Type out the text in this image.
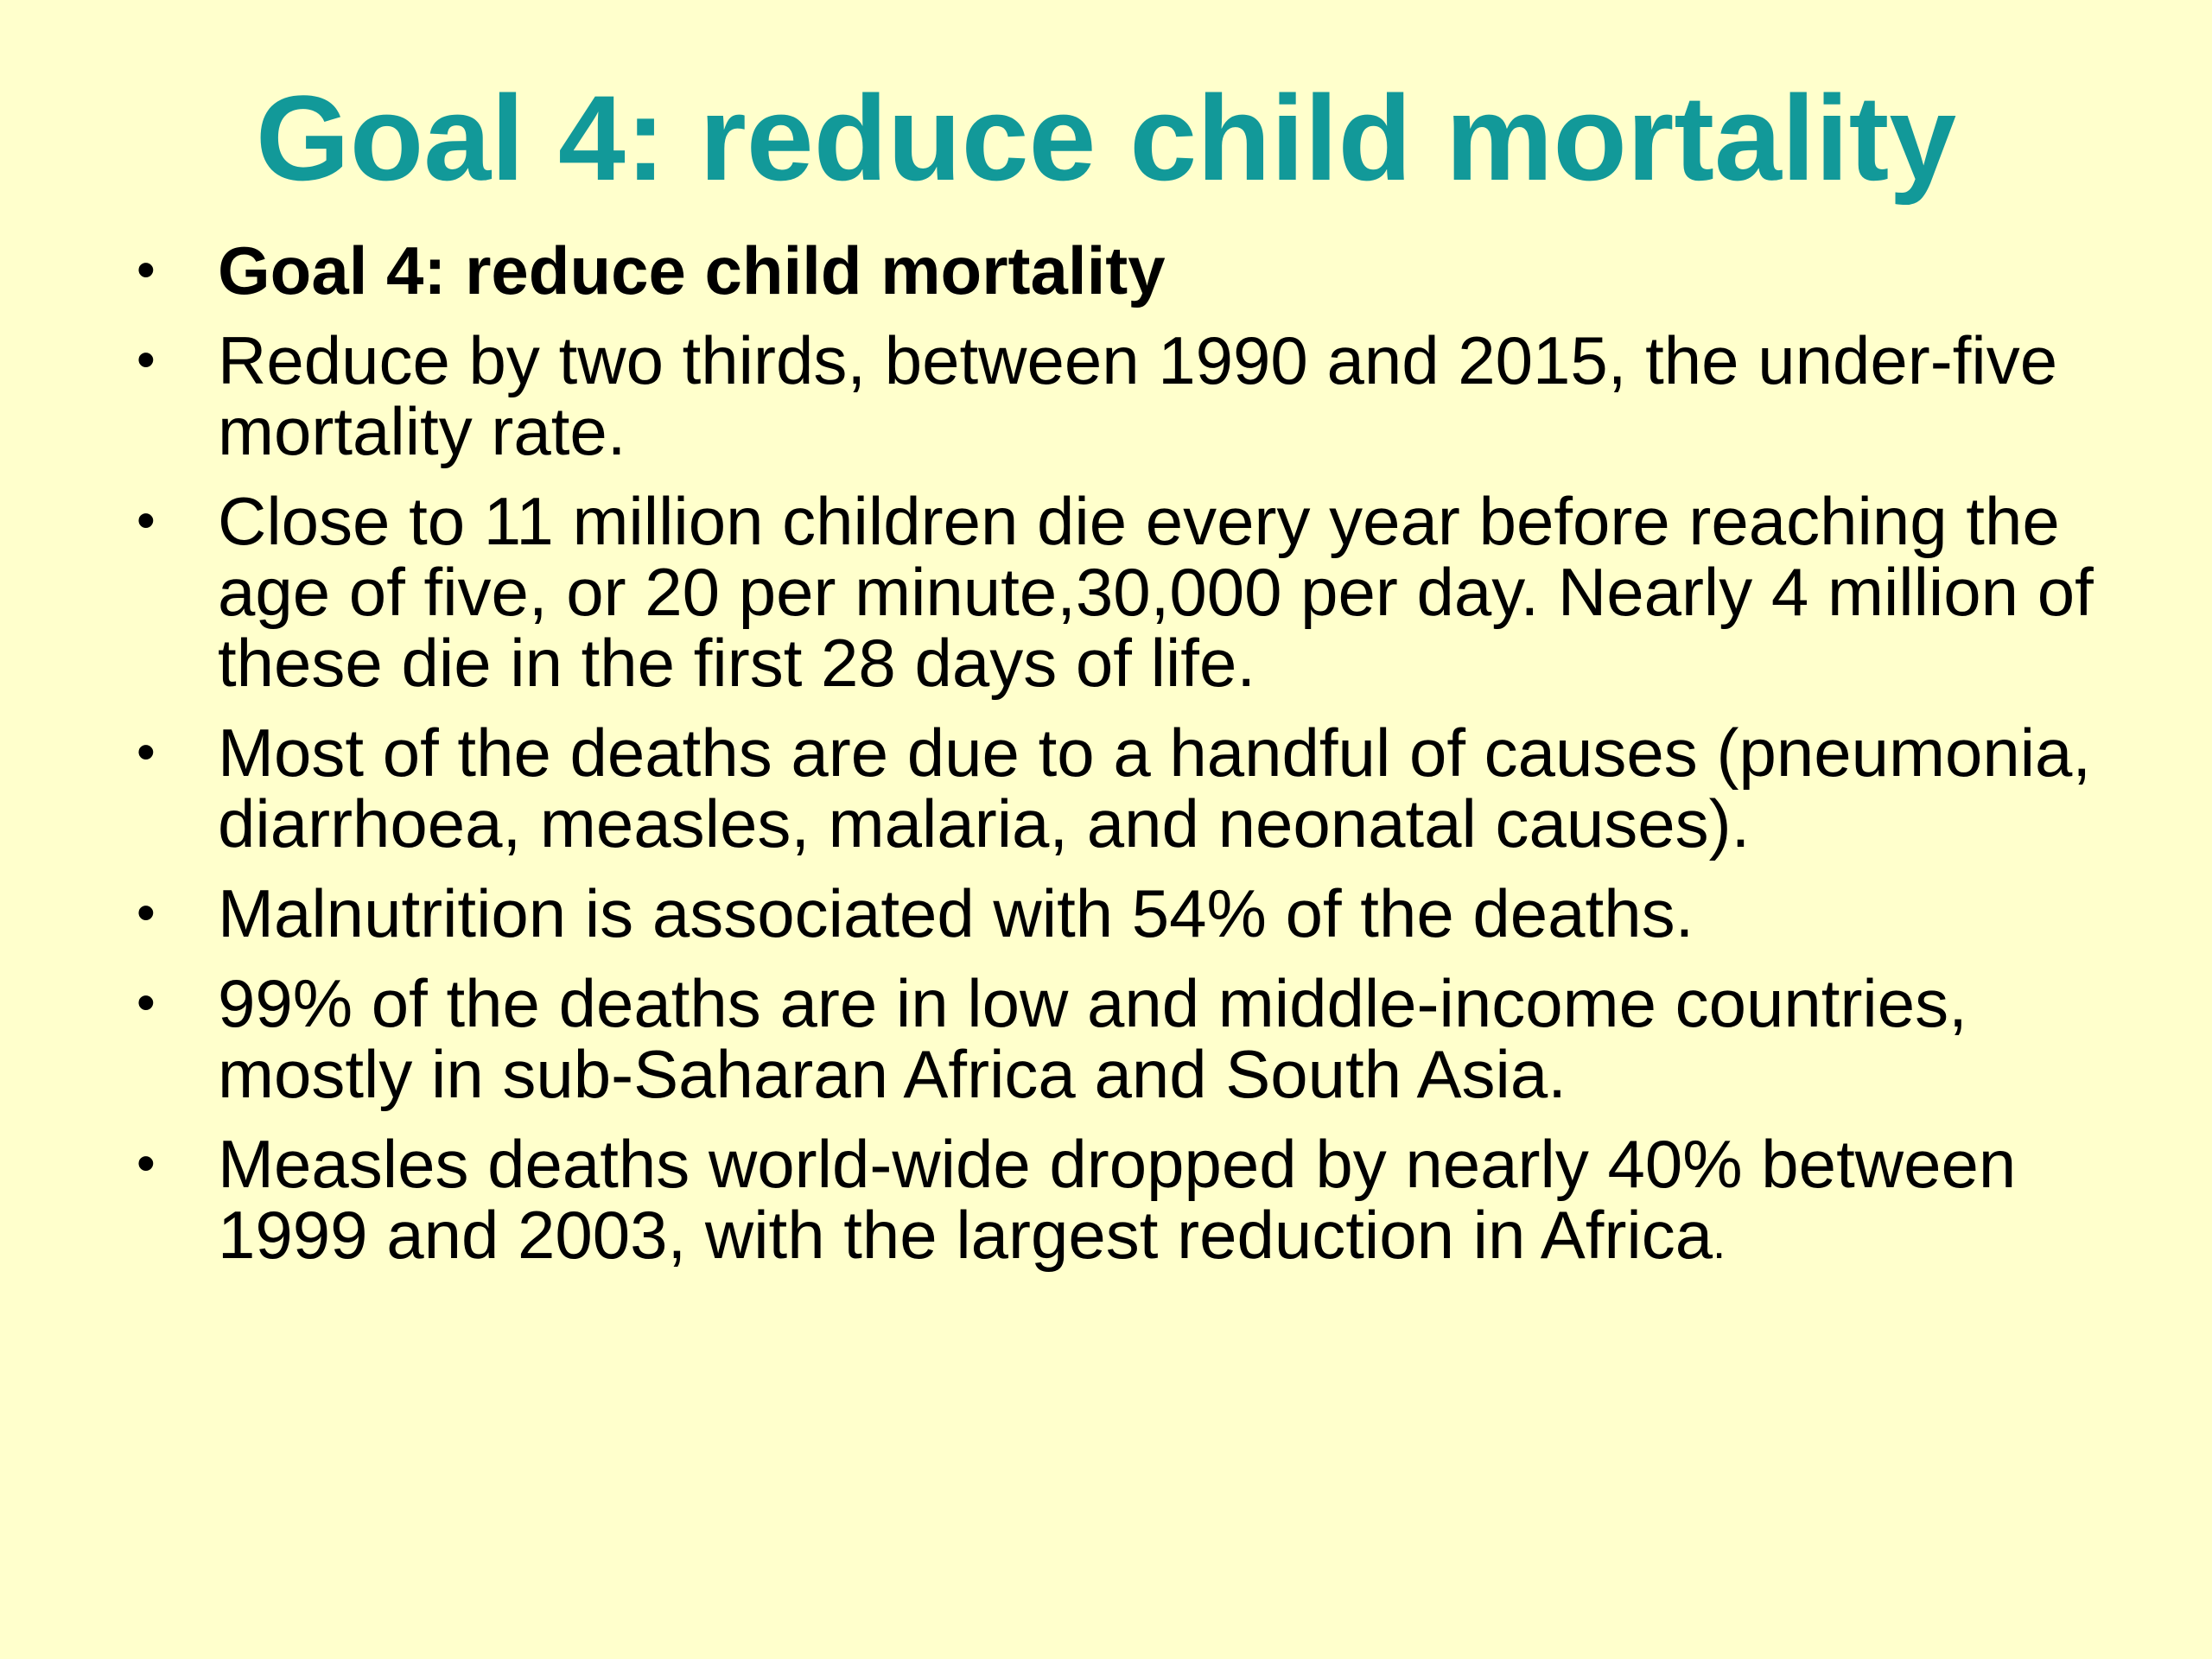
Goal 4: reduce child mortality
• Goal 4: reduce child mortality
• Reduce by two thirds, between 1990 and 2015, the under-five mortality rate.
• Close to 11 million children die every year before reaching the age of five, or 20 per minute,30,000 per day. Nearly 4 million of these die in the first 28 days of life.
• Most of the deaths are due to a handful of causes (pneumonia, diarrhoea, measles, malaria, and neonatal causes).
• Malnutrition is associated with 54% of the deaths.
• 99% of the deaths are in low and middle-income countries, mostly in sub-Saharan Africa and South Asia.
• Measles deaths world-wide dropped by nearly 40% between 1999 and 2003, with the largest reduction in Africa.
